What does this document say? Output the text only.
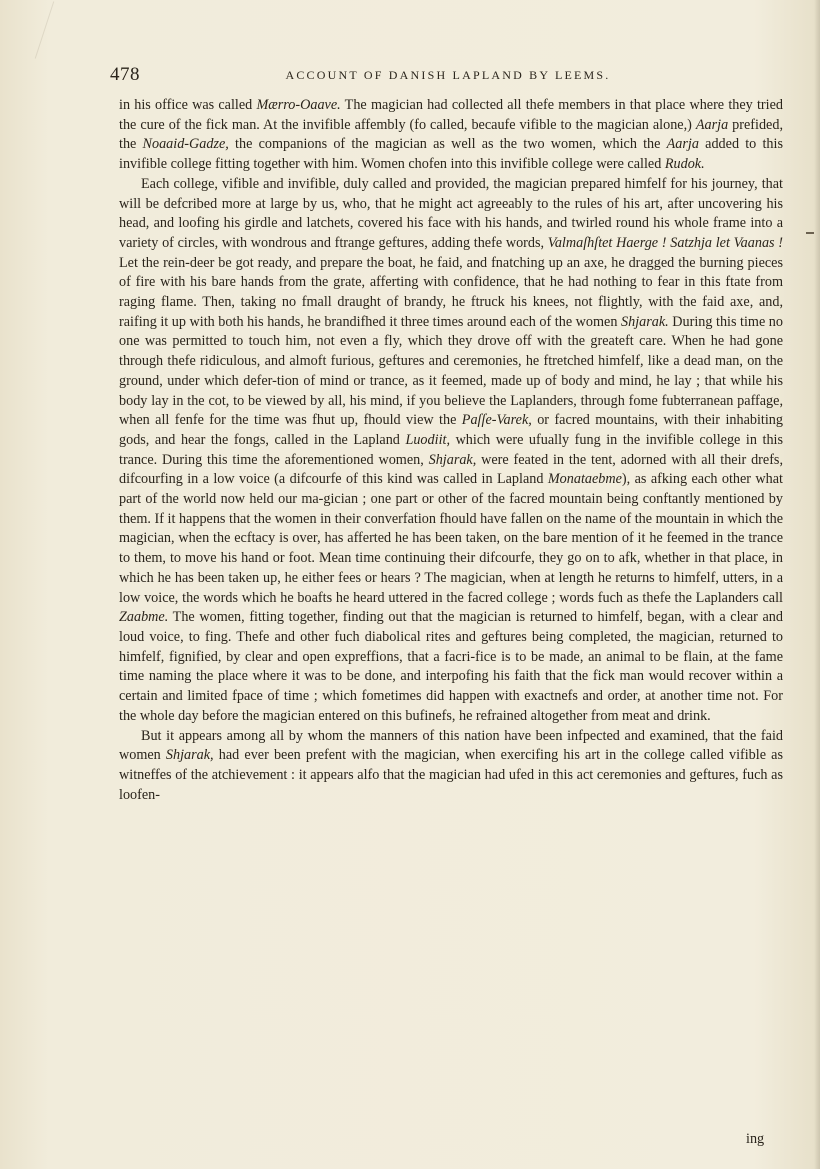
478	ACCOUNT OF DANISH LAPLAND BY LEEMS.

in his office was called Mærro-Oaave. The magician had collected all thefe members in that place where they tried the cure of the fick man. At the invifible affembly (fo called, becaufe vifible to the magician alone,) Aarja prefided, the Noaaid-Gadze, the companions of the magician as well as the two women, which the Aarja added to this invifible college fitting together with him. Women chofen into this invifible college were called Rudok.

Each college, vifible and invifible, duly called and provided, the magician prepared himfelf for his journey, that will be defcribed more at large by us, who, that he might act agreeably to the rules of his art, after uncovering his head, and loofing his girdle and latchets, covered his face with his hands, and twirled round his whole frame into a variety of circles, with wondrous and ftrange geftures, adding thefe words, Valmaſhſtet Haerge ! Satzhja let Vaanas ! Let the rein-deer be got ready, and prepare the boat, he faid, and fnatching up an axe, he dragged the burning pieces of fire with his bare hands from the grate, afferting with confidence, that he had nothing to fear in this ftate from raging flame. Then, taking no fmall draught of brandy, he ftruck his knees, not flightly, with the faid axe, and, raifing it up with both his hands, he brandifhed it three times around each of the women Shjarak. During this time no one was permitted to touch him, not even a fly, which they drove off with the greateft care. When he had gone through thefe ridiculous, and almoft furious, geftures and ceremonies, he ftretched himfelf, like a dead man, on the ground, under which defer-tion of mind or trance, as it feemed, made up of body and mind, he lay ; that while his body lay in the cot, to be viewed by all, his mind, if you believe the Laplanders, through fome fubterranean paffage, when all fenfe for the time was fhut up, fhould view the Paſſe-Varek, or facred mountains, with their inhabiting gods, and hear the fongs, called in the Lapland Luodiit, which were ufually fung in the invifible college in this trance. During this time the aforementioned women, Shjarak, were feated in the tent, adorned with all their drefs, difcourfing in a low voice (a difcourfe of this kind was called in Lapland Monataebme), as afking each other what part of the world now held our ma-gician ; one part or other of the facred mountain being conftantly mentioned by them. If it happens that the women in their converfation fhould have fallen on the name of the mountain in which the magician, when the ecftacy is over, has afferted he has been taken, on the bare mention of it he feemed in the trance to them, to move his hand or foot. Mean time continuing their difcourfe, they go on to afk, whether in that place, in which he has been taken up, he either fees or hears ? The magician, when at length he returns to himfelf, utters, in a low voice, the words which he boafts he heard uttered in the facred college ; words fuch as thefe the Laplanders call Zaabme. The women, fitting together, finding out that the magician is returned to himfelf, began, with a clear and loud voice, to fing. Thefe and other fuch diabolical rites and geftures being completed, the magician, returned to himfelf, fignified, by clear and open expreffions, that a facri-fice is to be made, an animal to be flain, at the fame time naming the place where it was to be done, and interpofing his faith that the fick man would recover within a certain and limited fpace of time ; which fometimes did happen with exactnefs and order, at another time not. For the whole day before the magician entered on this bufinefs, he refrained altogether from meat and drink.

But it appears among all by whom the manners of this nation have been infpected and examined, that the faid women Shjarak, had ever been prefent with the magician, when exercifing his art in the college called vifible as witneffes of the atchievement : it appears alfo that the magician had ufed in this act ceremonies and geftures, fuch as loofen-

ing
